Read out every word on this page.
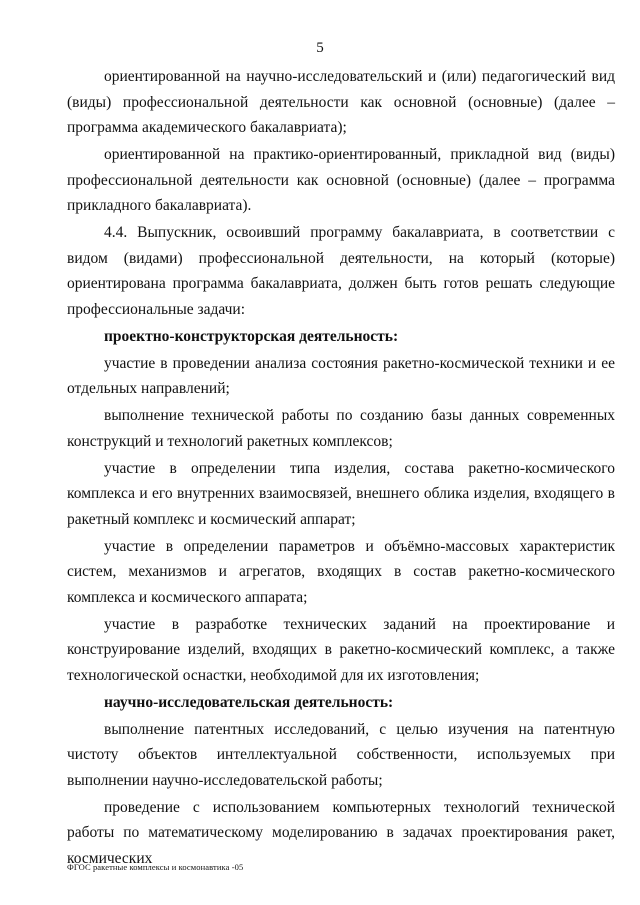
5

ориентированной на научно-исследовательский и (или) педагогический вид (виды) профессиональной деятельности как основной (основные) (далее – программа академического бакалавриата);

ориентированной на практико-ориентированный, прикладной вид (виды) профессиональной деятельности как основной (основные) (далее – программа прикладного бакалавриата).

4.4. Выпускник, освоивший программу бакалавриата, в соответствии с видом (видами) профессиональной деятельности, на который (которые) ориентирована программа бакалавриата, должен быть готов решать следующие профессиональные задачи:

проектно-конструкторская деятельность:

участие в проведении анализа состояния ракетно-космической техники и ее отдельных направлений;

выполнение технической работы по созданию базы данных современных конструкций и технологий ракетных комплексов;

участие в определении типа изделия, состава ракетно-космического комплекса и его внутренних взаимосвязей, внешнего облика изделия, входящего в ракетный комплекс и космический аппарат;

участие в определении параметров и объёмно-массовых характеристик систем, механизмов и агрегатов, входящих в состав ракетно-космического комплекса и космического аппарата;

участие в разработке технических заданий на проектирование и конструирование изделий, входящих в ракетно-космический комплекс, а также технологической оснастки, необходимой для их изготовления;

научно-исследовательская деятельность:

выполнение патентных исследований, с целью изучения на патентную чистоту объектов интеллектуальной собственности, используемых при выполнении научно-исследовательской работы;

проведение с использованием компьютерных технологий технической работы по математическому моделированию в задачах проектирования ракет, космических

ФГОС ракетные комплексы и космонавтика -05
